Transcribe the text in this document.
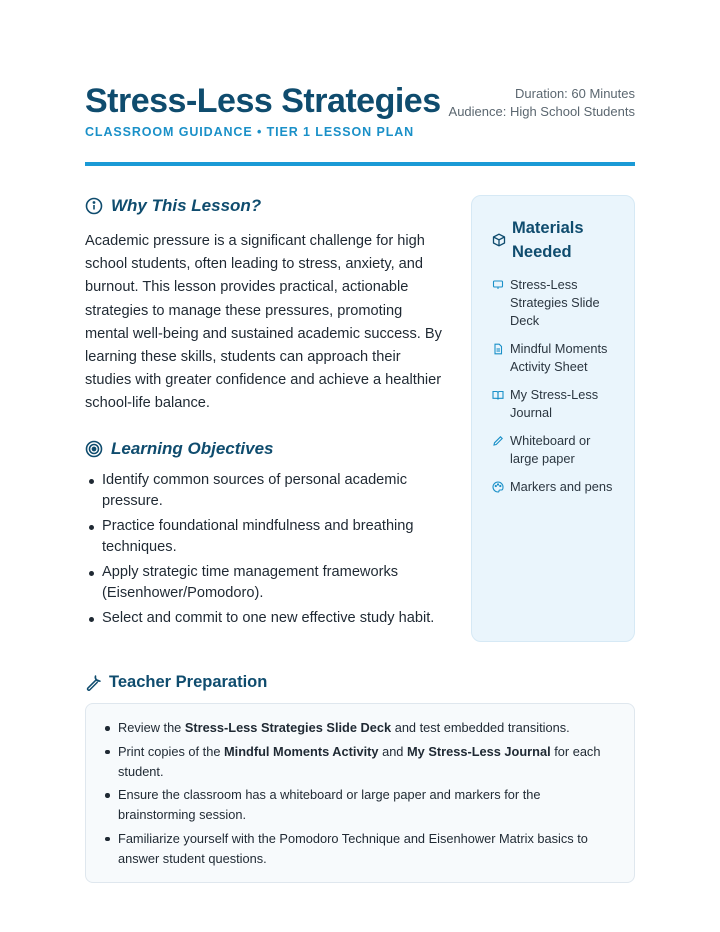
Stress-Less Strategies
CLASSROOM GUIDANCE • TIER 1 LESSON PLAN
Duration: 60 Minutes
Audience: High School Students
Why This Lesson?

Academic pressure is a significant challenge for high school students, often leading to stress, anxiety, and burnout. This lesson provides practical, actionable strategies to manage these pressures, promoting mental well-being and sustained academic success. By learning these skills, students can approach their studies with greater confidence and achieve a healthier school-life balance.

Learning Objectives
Identify common sources of personal academic pressure.
Practice foundational mindfulness and breathing techniques.
Apply strategic time management frameworks (Eisenhower/Pomodoro).
Select and commit to one new effective study habit.
Materials Needed
Stress-Less Strategies Slide Deck
Mindful Moments Activity Sheet
My Stress-Less Journal
Whiteboard or large paper
Markers and pens
Teacher Preparation
Review the Stress-Less Strategies Slide Deck and test embedded transitions.
Print copies of the Mindful Moments Activity and My Stress-Less Journal for each student.
Ensure the classroom has a whiteboard or large paper and markers for the brainstorming session.
Familiarize yourself with the Pomodoro Technique and Eisenhower Matrix basics to answer student questions.
